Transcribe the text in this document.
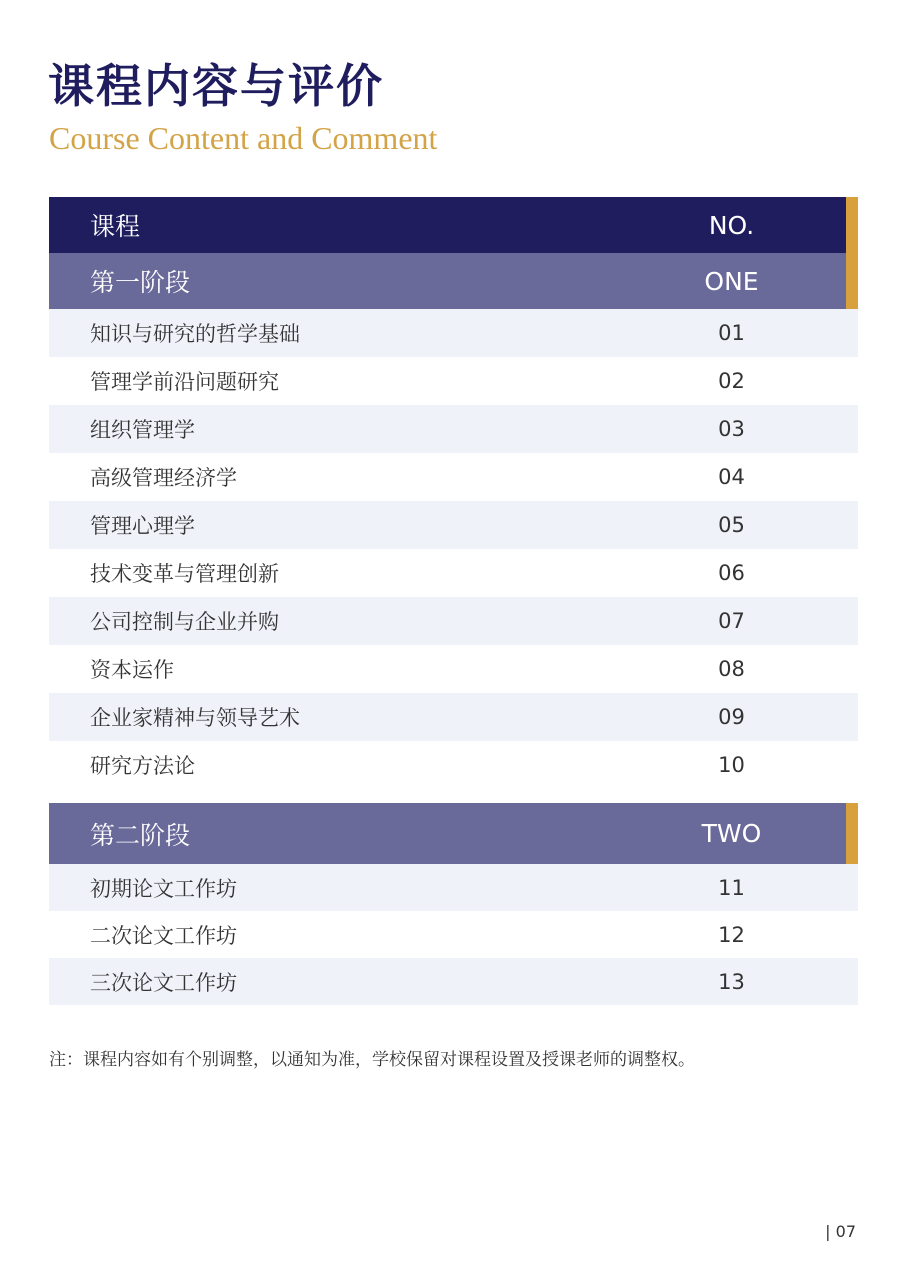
课程内容与评价

Course Content and Comment

课程	NO.
第一阶段	ONE
知识与研究的哲学基础	01
管理学前沿问题研究	02
组织管理学	03
高级管理经济学	04
管理心理学	05
技术变革与管理创新	06
公司控制与企业并购	07
资本运作	08
企业家精神与领导艺术	09
研究方法论	10
第二阶段	TWO
初期论文工作坊	11
二次论文工作坊	12
三次论文工作坊	13

注：课程内容如有个别调整，以通知为准，学校保留对课程设置及授课老师的调整权。

| 07
